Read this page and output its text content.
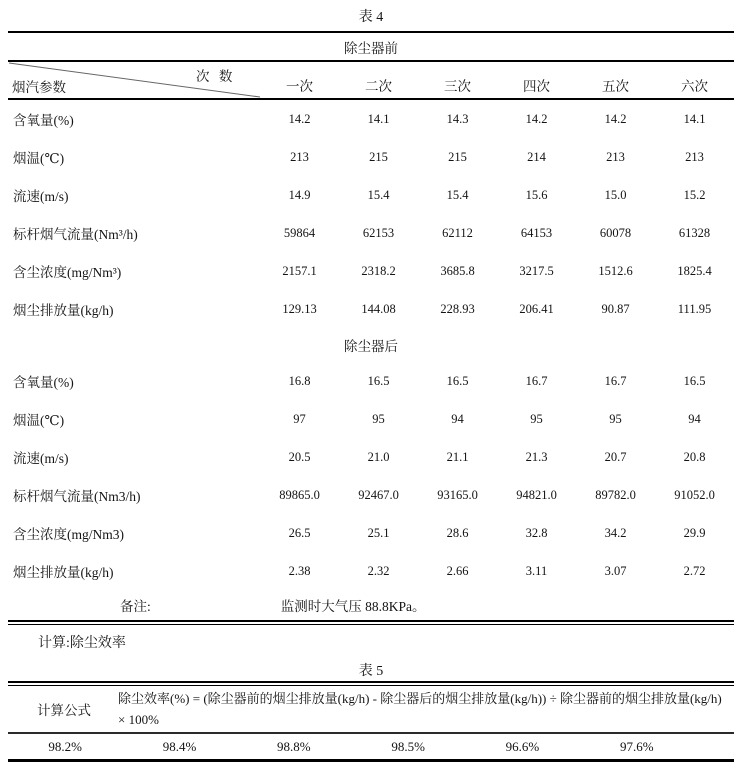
表 4
除尘器前
次 数
烟汽参数	一次	二次	三次	四次	五次	六次
含氧量(%)	14.2	14.1	14.3	14.2	14.2	14.1
烟温(℃)	213	215	215	214	213	213
流速(m/s)	14.9	15.4	15.4	15.6	15.0	15.2
标杆烟气流量(Nm³/h)	59864	62153	62112	64153	60078	61328
含尘浓度(mg/Nm³)	2157.1	2318.2	3685.8	3217.5	1512.6	1825.4
烟尘排放量(kg/h)	129.13	144.08	228.93	206.41	90.87	111.95
除尘器后
含氧量(%)	16.8	16.5	16.5	16.7	16.7	16.5
烟温(℃)	97	95	94	95	95	94
流速(m/s)	20.5	21.0	21.1	21.3	20.7	20.8
标杆烟气流量(Nm3/h)	89865.0	92467.0	93165.0	94821.0	89782.0	91052.0
含尘浓度(mg/Nm3)	26.5	25.1	28.6	32.8	34.2	29.9
烟尘排放量(kg/h)	2.38	2.32	2.66	3.11	3.07	2.72
备注:	监测时大气压 88.8KPa。
计算:除尘效率
表 5
计算公式
除尘效率(%) = (除尘器前的烟尘排放量(kg/h) - 除尘器后的烟尘排放量(kg/h)) ÷ 除尘器前的烟尘排放量(kg/h) × 100%
98.2%	98.4%	98.8%	98.5%	96.6%	97.6%
